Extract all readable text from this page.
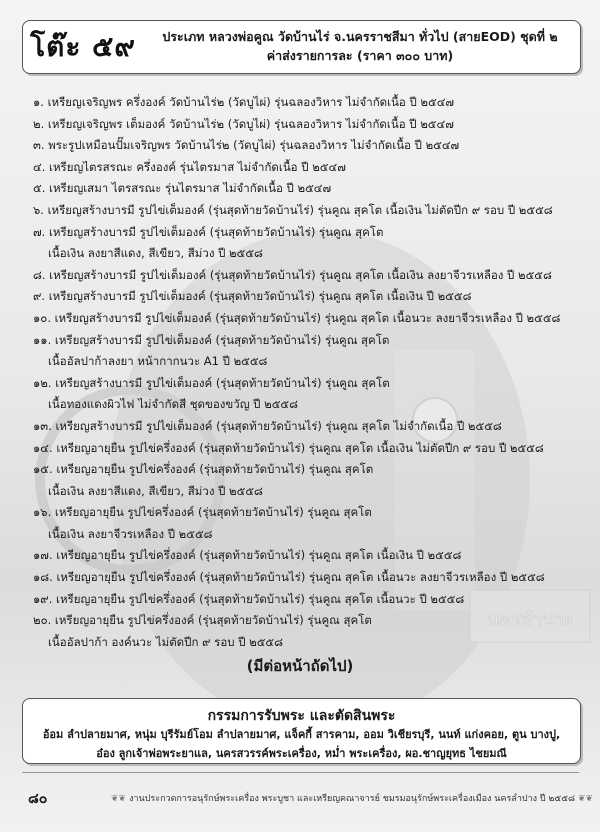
นครลำปาง
โต๊ะ ๕๙	ประเภท หลวงพ่อคูณ วัดบ้านไร่ จ.นครราชสีมา ทั่วไป (สายEOD) ชุดที่ ๒
ค่าส่งรายการละ (ราคา ๓๐๐ บาท)
๑. เหรียญเจริญพร ครึ่งองค์ วัดบ้านไร่๒ (วัดบูไผ่) รุ่นฉลองวิหาร ไม่จำกัดเนื้อ ปี ๒๕๔๗
๒. เหรียญเจริญพร เต็มองค์ วัดบ้านไร่๒ (วัดบูไผ่) รุ่นฉลองวิหาร ไม่จำกัดเนื้อ ปี ๒๕๔๗
๓. พระรูปเหมือนปั๊มเจริญพร วัดบ้านไร่๒ (วัดบูไผ่) รุ่นฉลองวิหาร ไม่จำกัดเนื้อ ปี ๒๕๔๗
๔. เหรียญไตรสรณะ ครึ่งองค์ รุ่นไตรมาส ไม่จำกัดเนื้อ ปี ๒๕๔๗
๕. เหรียญเสมา ไตรสรณะ รุ่นไตรมาส ไม่จำกัดเนื้อ ปี ๒๕๔๗
๖. เหรียญสร้างบารมี รูปไข่เต็มองค์ (รุ่นสุดท้ายวัดบ้านไร่) รุ่นคูณ สุคโต เนื้อเงิน ไม่ตัดปีก ๙ รอบ ปี ๒๕๕๘
๗. เหรียญสร้างบารมี รูปไข่เต็มองค์ (รุ่นสุดท้ายวัดบ้านไร่) รุ่นคูณ สุคโต
เนื้อเงิน ลงยาสีแดง, สีเขียว, สีม่วง ปี ๒๕๕๘
๘. เหรียญสร้างบารมี รูปไข่เต็มองค์ (รุ่นสุดท้ายวัดบ้านไร่) รุ่นคูณ สุคโต เนื้อเงิน ลงยาจีวรเหลือง ปี ๒๕๕๘
๙. เหรียญสร้างบารมี รูปไข่เต็มองค์ (รุ่นสุดท้ายวัดบ้านไร่) รุ่นคูณ สุคโต เนื้อเงิน ปี ๒๕๕๘
๑๐. เหรียญสร้างบารมี รูปไข่เต็มองค์ (รุ่นสุดท้ายวัดบ้านไร่) รุ่นคูณ สุคโต เนื้อนวะ ลงยาจีวรเหลือง ปี ๒๕๕๘
๑๑. เหรียญสร้างบารมี รูปไข่เต็มองค์ (รุ่นสุดท้ายวัดบ้านไร่) รุ่นคูณ สุคโต
เนื้ออัลปาก้าลงยา หน้ากากนวะ A1 ปี ๒๕๕๘
๑๒. เหรียญสร้างบารมี รูปไข่เต็มองค์ (รุ่นสุดท้ายวัดบ้านไร่) รุ่นคูณ สุคโต
เนื้อทองแดงผิวไฟ ไม่จำกัดสี ชุดของขวัญ ปี ๒๕๕๘
๑๓. เหรียญสร้างบารมี รูปไข่เต็มองค์ (รุ่นสุดท้ายวัดบ้านไร่) รุ่นคูณ สุคโต ไม่จำกัดเนื้อ ปี ๒๕๕๘
๑๔. เหรียญอายุยืน รูปไข่ครึ่งองค์ (รุ่นสุดท้ายวัดบ้านไร่) รุ่นคูณ สุคโต เนื้อเงิน ไม่ตัดปีก ๙ รอบ ปี ๒๕๕๘
๑๕. เหรียญอายุยืน รูปไข่ครึ่งองค์ (รุ่นสุดท้ายวัดบ้านไร่) รุ่นคูณ สุคโต
เนื้อเงิน ลงยาสีแดง, สีเขียว, สีม่วง ปี ๒๕๕๘
๑๖. เหรียญอายุยืน รูปไข่ครึ่งองค์ (รุ่นสุดท้ายวัดบ้านไร่) รุ่นคูณ สุคโต
เนื้อเงิน ลงยาจีวรเหลือง ปี ๒๕๕๘
๑๗. เหรียญอายุยืน รูปไข่ครึ่งองค์ (รุ่นสุดท้ายวัดบ้านไร่) รุ่นคูณ สุคโต เนื้อเงิน ปี ๒๕๕๘
๑๘. เหรียญอายุยืน รูปไข่ครึ่งองค์ (รุ่นสุดท้ายวัดบ้านไร่) รุ่นคูณ สุคโต เนื้อนวะ ลงยาจีวรเหลือง ปี ๒๕๕๘
๑๙. เหรียญอายุยืน รูปไข่ครึ่งองค์ (รุ่นสุดท้ายวัดบ้านไร่) รุ่นคูณ สุคโต เนื้อนวะ ปี ๒๕๕๘
๒๐. เหรียญอายุยืน รูปไข่ครึ่งองค์ (รุ่นสุดท้ายวัดบ้านไร่) รุ่นคูณ สุคโต
เนื้ออัลปาก้า องค์นวะ ไม่ตัดปีก ๙ รอบ ปี ๒๕๕๘
(มีต่อหน้าถัดไป)
กรรมการรับพระ และตัดสินพระ
อ้อม ลำปลายมาศ, หนุ่ม บุรีรัมย์โอม ลำปลายมาศ, แจ็คกี้ สารคาม, ออม วิเชียรบุรี, นนท์ แก่งคอย, ตูน บางปู,
อ๋อง ลูกเจ้าพ่อพระยาแล, นครสวรรค์พระเครื่อง, หม่ำ พระเครื่อง, ผอ.ชาญยุทธ ไชยมณี
๘๐	❦❦ งานประกวดการอนุรักษ์พระเครื่อง พระบูชา และเหรียญคณาจารย์ ชมรมอนุรักษ์พระเครื่องเมือง นครลำปาง ปี ๒๕๕๘ ❦❦
